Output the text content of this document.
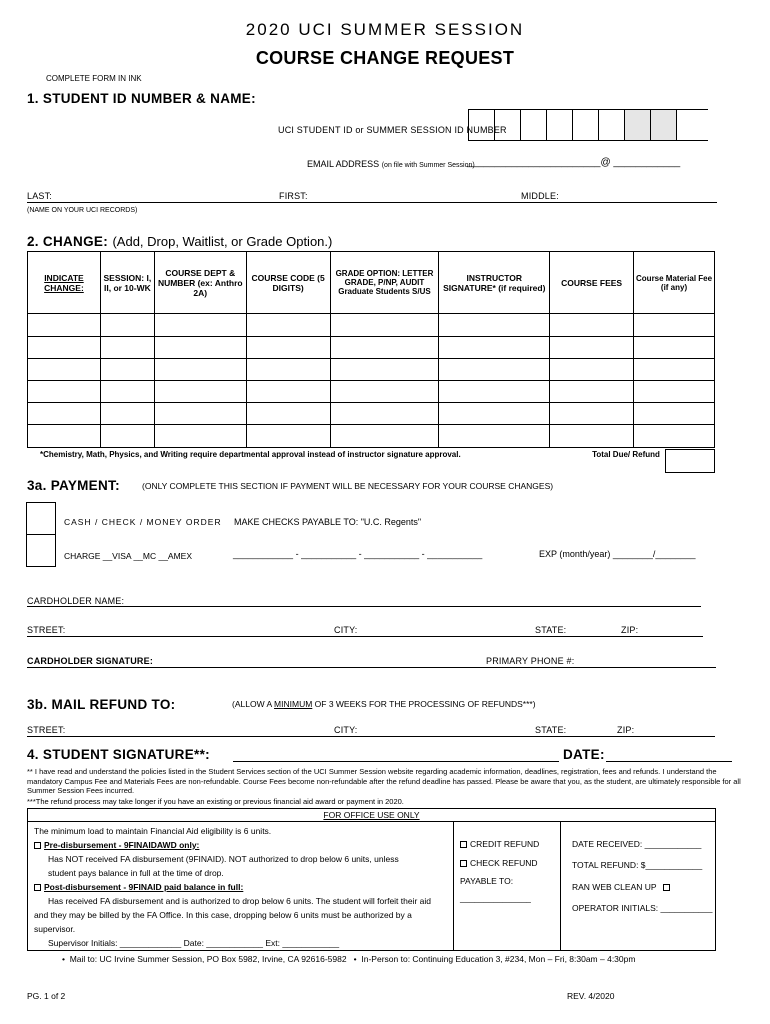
2020 UCI SUMMER SESSION
COURSE CHANGE REQUEST
COMPLETE FORM IN INK
1. STUDENT ID NUMBER & NAME:
UCI STUDENT ID or SUMMER SESSION ID NUMBER
EMAIL ADDRESS (on file with Summer Session)
________________________@ ____________
LAST:	FIRST:	MIDDLE:
(NAME ON YOUR UCI RECORDS)
2. CHANGE: (Add, Drop, Waitlist, or Grade Option.)
INDICATE CHANGE:	SESSION: I, II, or 10-WK	COURSE DEPT & NUMBER (ex: Anthro 2A)	COURSE CODE (5 DIGITS)	GRADE OPTION: LETTER GRADE, P/NP, AUDIT Graduate Students S/US	INSTRUCTOR SIGNATURE* (if required)	COURSE FEES	Course Material Fee (if any)

*Chemistry, Math, Physics, and Writing require departmental approval instead of instructor signature approval.	Total Due/ Refund
3a. PAYMENT:	(ONLY COMPLETE THIS SECTION IF PAYMENT WILL BE NECESSARY FOR YOUR COURSE CHANGES)
CASH / CHECK / MONEY ORDER MAKE CHECKS PAYABLE TO: "U.C. Regents"
CHARGE __VISA __MC __AMEX	____________ - ___________ - ___________ - ___________	EXP (month/year) ________/________
CARDHOLDER NAME:
STREET:	CITY:	STATE:	ZIP:
CARDHOLDER SIGNATURE:	PRIMARY PHONE #:
3b. MAIL REFUND TO:	(ALLOW A MINIMUM OF 3 WEEKS FOR THE PROCESSING OF REFUNDS***)
STREET:	CITY:	STATE:	ZIP:
4. STUDENT SIGNATURE**:	DATE:
** I have read and understand the policies listed in the Student Services section of the UCI Summer Session website regarding academic information, deadlines, registration, fees and refunds. I understand the mandatory Campus Fee and Materials Fees are non-refundable. Course Fees become non-refundable after the refund deadline has passed. Please be aware that you, as the student, are ultimately responsible for all Summer Session Fees incurred.
***The refund process may take longer if you have an existing or previous financial aid award or payment in 2020.
FOR OFFICE USE ONLY
The minimum load to maintain Financial Aid eligibility is 6 units.
Pre-disbursement - 9FINAIDAWD only:
Has NOT received FA disbursement (9FINAID). NOT authorized to drop below 6 units, unless
student pays balance in full at the time of drop.
Post-disbursement - 9FINAID paid balance in full:
Has received FA disbursement and is authorized to drop below 6 units. The student will forfeit their aid
and they may be billed by the FA Office. In this case, dropping below 6 units must be authorized by a
supervisor.
Supervisor Initials: _____________ Date: ____________ Ext: ____________
CREDIT REFUND
CHECK REFUND
PAYABLE TO:
_______________
DATE RECEIVED: ____________
TOTAL REFUND: $____________
RAN WEB CLEAN UP
OPERATOR INITIALS: ___________
• Mail to: UC Irvine Summer Session, PO Box 5982, Irvine, CA 92616-5982 • In-Person to: Continuing Education 3, #234, Mon – Fri, 8:30am – 4:30pm
PG. 1 of 2	REV. 4/2020
